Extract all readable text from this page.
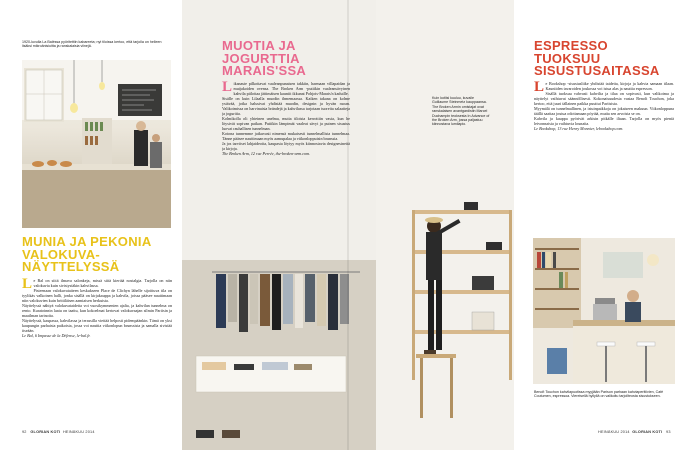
1920-luvulla La Baléssa pyöritettiin kabareeta; nyt tiloissa kertoo, että tarjolla on helleen lisäksi mikroänisiuitta ja ranskalaisia viinejä.
MUNIA JA PEKONIA VALOKUVA-NÄYTTELYSSÄ

Le Bal on siitä ilmava salonkeja, missä siitä kiertää nostalgia. Tarjolla on niin valokuvia kuin sivistystäkin kahvilassa.

Pisteenaan valokuvataiteen keskukseen Place de Clichyn lähelle sijoittuva tila on tyylikäs valkoinen halli, jonka sisällä on kirjakauppa ja kahvila, joissa pääsee nauttimaan niin valokuvien kuin brittiläisen aamiaisen herkuista.

Näyttelyssä nähtyä valokuvataidetta voi vuosikymmenien ajalta, ja kahvilan tunnelma on rento. Kuratoinnin laatu on taattu, kun kokoelmat kertovat valokuvaajan silmin Pariisin ja maailman tarinoita.

Näyttelyssä, kaupassa, kahvilassa ja terassilla viettää helposti pidempäänkin. Tämä on yksi kaupungin parhaista paikoista, jossa voi nauttia viikonlopun brunssista ja samalla sivistää itseään.

Le Bal, 6 Impasse de la Défense, le-bal.fr.

MUOTIA JA JOGURTTIA MARAIS'SSA

Likanaste pilkottavat vaaleanpunaisen takkiin, harmaan villapaidan ja muijakoiden ovensa. The Broken Arm -putiikin vaaleansävyinen kahvila piilottaa jättimäisen kauniit ikkunat Pohjois-Marais'n kaduille.

Sisälle on kuin Lilaalla muodin ihmemaassa. Kaiken takana on kolme ystävää, jotka halusivat yhdistää muodin, designin ja hyvän ruoan. Valikoimissa on harvinaisia brändejä ja kahvilassa tarjotaan tuoreita salaatteja ja jogurttia.

Kolmikolla oli yhteinen unelma, mutta tiloista kerrottiin vasta, kun he löysivät sopivan paikan. Putiikin lämpimät vaaleat sävyt ja puinen sisustus luovat rauhallisen tunnelman.

Kotona tunnemme jatkuvasti nimensä mukaisesti tunnelmallista tunnelmaa. Tänne pääsee nauttimaan myös aamupalaa ja viikonloppuisin brunssia.

Ja jos tarvitset lahjaideoita, kaupasta löytyy myös kiinnostavia designesineitä ja kirjoja.

The Broken Arm, 12 rue Perrée, the-broken-arm.com.

Kuin kotiisi kuuluu, kuvaile Guillaume Steinmetz kauppaansa. The Broken Armin omistajat ovat ranskalaisen avantgardistin Marcel Duchampin teoksesta In Advance of the Broken Arm, jossa paljastuu kiinnostava lumilapio.
ESPRESSO TUOKSUU SISUSTUSAITASSA

Le Bookshop -sisustusliike yhdistää taidetta, kirjoja ja kahvia samaan tilaan. Kauniiden tavaroiden joukossa voi istua alas ja nauttia espresson.

Sisällä tuoksuu vahvasti kahvilta ja tilaa on sopivasti, kun valikoima ja näyttelyt vaihtuvat säännöllisesti. Kokonaisuudesta vastaa Benoît Touchon, joka kertoo, että juuri tällainen paikka puuttui Pariisista.

Myymälä on tunnelmallinen, ja istuinpaikkoja on jokaiseen makuun. Viikonloppuna täällä saattaa joutua odottamaan pöytää, mutta sen arvoista se on.

Kahvila ja kauppa pyörivät arkisin pitkälle iltaan. Tarjolla on myös pieniä leivonnaisia ja vaihtuvia lounaita.

Le Bookshop, 13 rue Henry Monnier, lebookshop.com.

Benoît Touchon kahvilapuotissa myyjiään Parison parhaan kahviaperitiivien, Café Coutumen, espressoa. Viereisellä hyllyllä on valikoitu tarjoilteosta sisustukseen.
92 GLORIAN KOTI HEINÄKUU 2014	HEINÄKUU 2014 GLORIAN KOTI 93
